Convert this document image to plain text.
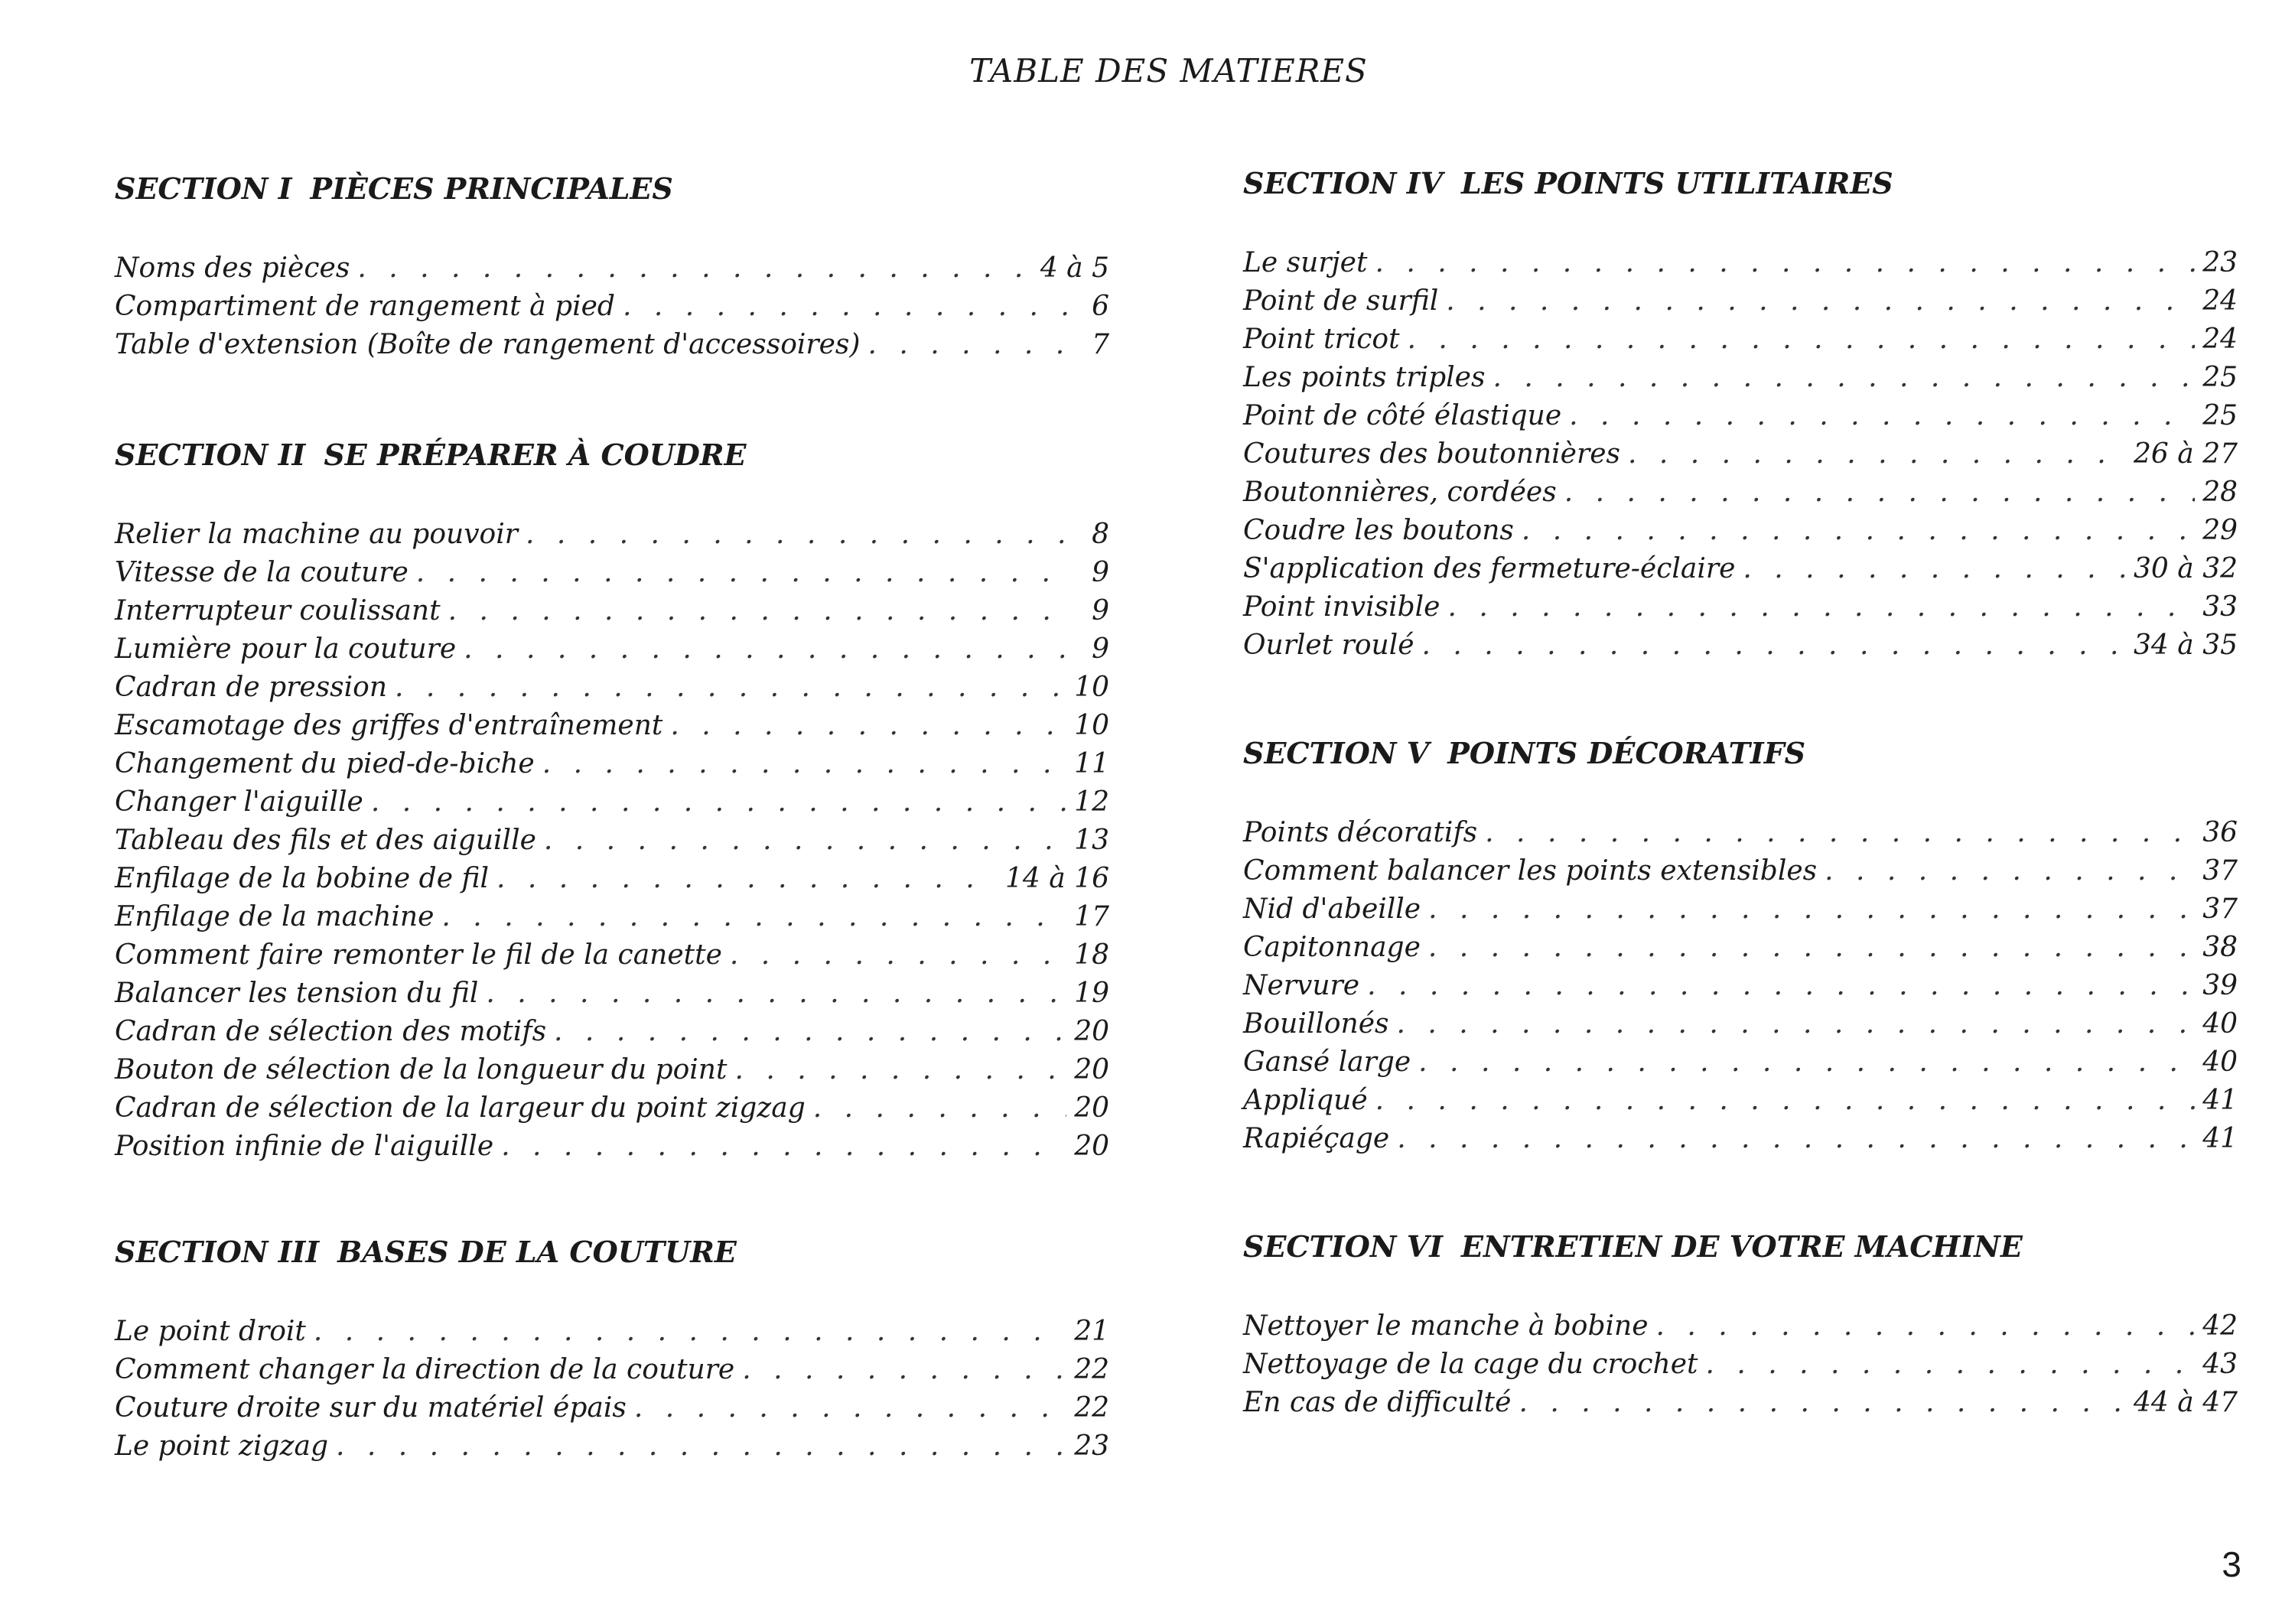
TABLE DES MATIERES
SECTION I PIÈCES PRINCIPALES
Noms des pièces . . .	4 à 5
Compartiment de rangement à pied . . .	6
Table d'extension (Boîte de rangement d'accessoires) . . .	7
SECTION II SE PRÉPARER À COUDRE
Relier la machine au pouvoir . . .	8
Vitesse de la couture . . .	9
Interrupteur coulissant . . .	9
Lumière pour la couture . . .	9
Cadran de pression . . .	10
Escamotage des griffes d'entraînement . . .	10
Changement du pied-de-biche . . .	11
Changer l'aiguille . . .	12
Tableau des fils et des aiguille . . .	13
Enfilage de la bobine de fil . . .	14 à 16
Enfilage de la machine . . .	17
Comment faire remonter le fil de la canette . . .	18
Balancer les tension du fil . . .	19
Cadran de sélection des motifs . . .	20
Bouton de sélection de la longueur du point . . .	20
Cadran de sélection de la largeur du point zigzag . . .	20
Position infinie de l'aiguille . . .	20
SECTION III BASES DE LA COUTURE
Le point droit . . .	21
Comment changer la direction de la couture . . .	22
Couture droite sur du matériel épais . . .	22
Le point zigzag . . .	23
SECTION IV LES POINTS UTILITAIRES
Le surjet . . .	23
Point de surfil . . .	24
Point tricot . . .	24
Les points triples . . .	25
Point de côté élastique . . .	25
Coutures des boutonnières . . .	26 à 27
Boutonnières, cordées . . .	28
Coudre les boutons . . .	29
S'application des fermeture-éclaire . . .	30 à 32
Point invisible . . .	33
Ourlet roulé . . .	34 à 35
SECTION V POINTS DÉCORATIFS
Points décoratifs . . .	36
Comment balancer les points extensibles . . .	37
Nid d'abeille . . .	37
Capitonnage . . .	38
Nervure . . .	39
Bouillonés . . .	40
Gansé large . . .	40
Appliqué . . .	41
Rapiéçage . . .	41
SECTION VI ENTRETIEN DE VOTRE MACHINE
Nettoyer le manche à bobine . . .	42
Nettoyage de la cage du crochet . . .	43
En cas de difficulté . . .	44 à 47
3
